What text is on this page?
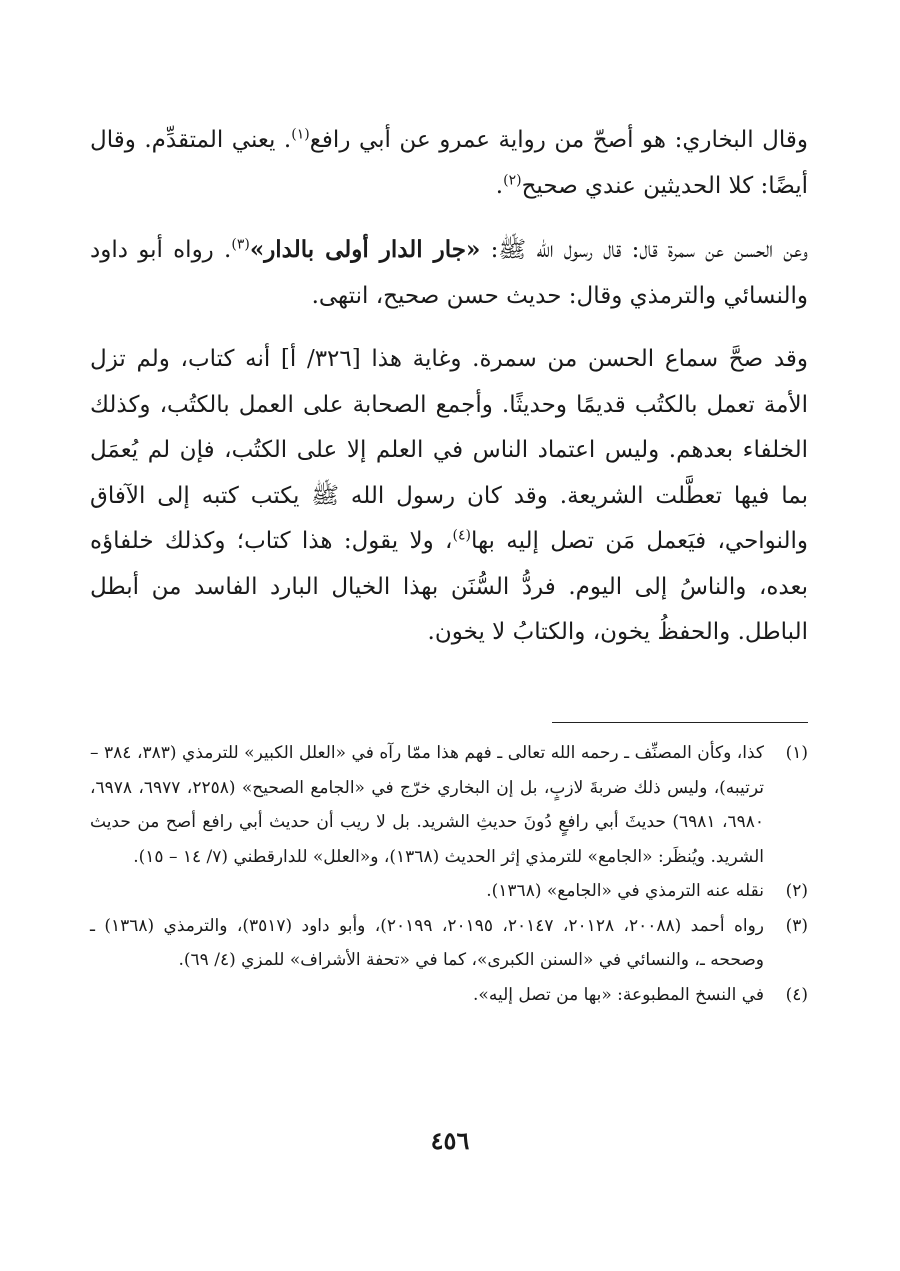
وقال البخاري: هو أصحّ من رواية عمرو عن أبي رافع$^{(١)}$. يعني المتقدِّم. وقال أيضًا: كلا الحديثين عندي صحيح$^{(٢)}$.

وعن الحسن عن سمرة قال: قال رسول الله ﷺ: «جار الدار أولى بالدار»$^{(٣)}$. رواه أبو داود والنسائي والترمذي وقال: حديث حسن صحيح، انتهى.

وقد صحَّ سماع الحسن من سمرة. وغاية هذا [٣٢٦/ أ] أنه كتاب، ولم تزل الأمة تعمل بالكتُب قديمًا وحديثًا. وأجمع الصحابة على العمل بالكتُب، وكذلك الخلفاء بعدهم. وليس اعتماد الناس في العلم إلا على الكتُب، فإن لم يُعمَل بما فيها تعطَّلت الشريعة. وقد كان رسول الله ﷺ يكتب كتبه إلى الآفاق والنواحي، فيَعمل مَن تصل إليه بها$^{(٤)}$، ولا يقول: هذا كتاب؛ وكذلك خلفاؤه بعده، والناسُ إلى اليوم. فردُّ السُّنَن بهذا الخيال البارد الفاسد من أبطل الباطل. والحفظُ يخون، والكتابُ لا يخون.

(١)
كذا، وكأن المصنِّف ـ رحمه الله تعالى ـ فهم هذا ممّا رآه في «العلل الكبير» للترمذي (٣٨٣، ٣٨٤ – ترتيبه)، وليس ذلك ضربةَ لازبٍ، بل إن البخاري خرّج في «الجامع الصحيح» (٢٢٥٨، ٦٩٧٧، ٦٩٧٨، ٦٩٨٠، ٦٩٨١) حديثَ أبي رافعٍ دُونَ حديثِ الشريد. بل لا ريب أن حديث أبي رافع أصح من حديث الشريد. ويُنظَر: «الجامع» للترمذي إثر الحديث (١٣٦٨)، و«العلل» للدارقطني (٧/ ١٤ – ١٥).
(٢)
نقله عنه الترمذي في «الجامع» (١٣٦٨).
(٣)
رواه أحمد (٢٠٠٨٨، ٢٠١٢٨، ٢٠١٤٧، ٢٠١٩٥، ٢٠١٩٩)، وأبو داود (٣٥١٧)، والترمذي (١٣٦٨) ـ وصححه ـ، والنسائي في «السنن الكبرى»، كما في «تحفة الأشراف» للمزي (٤/ ٦٩).
(٤)
في النسخ المطبوعة: «بها من تصل إليه».
٤٥٦
